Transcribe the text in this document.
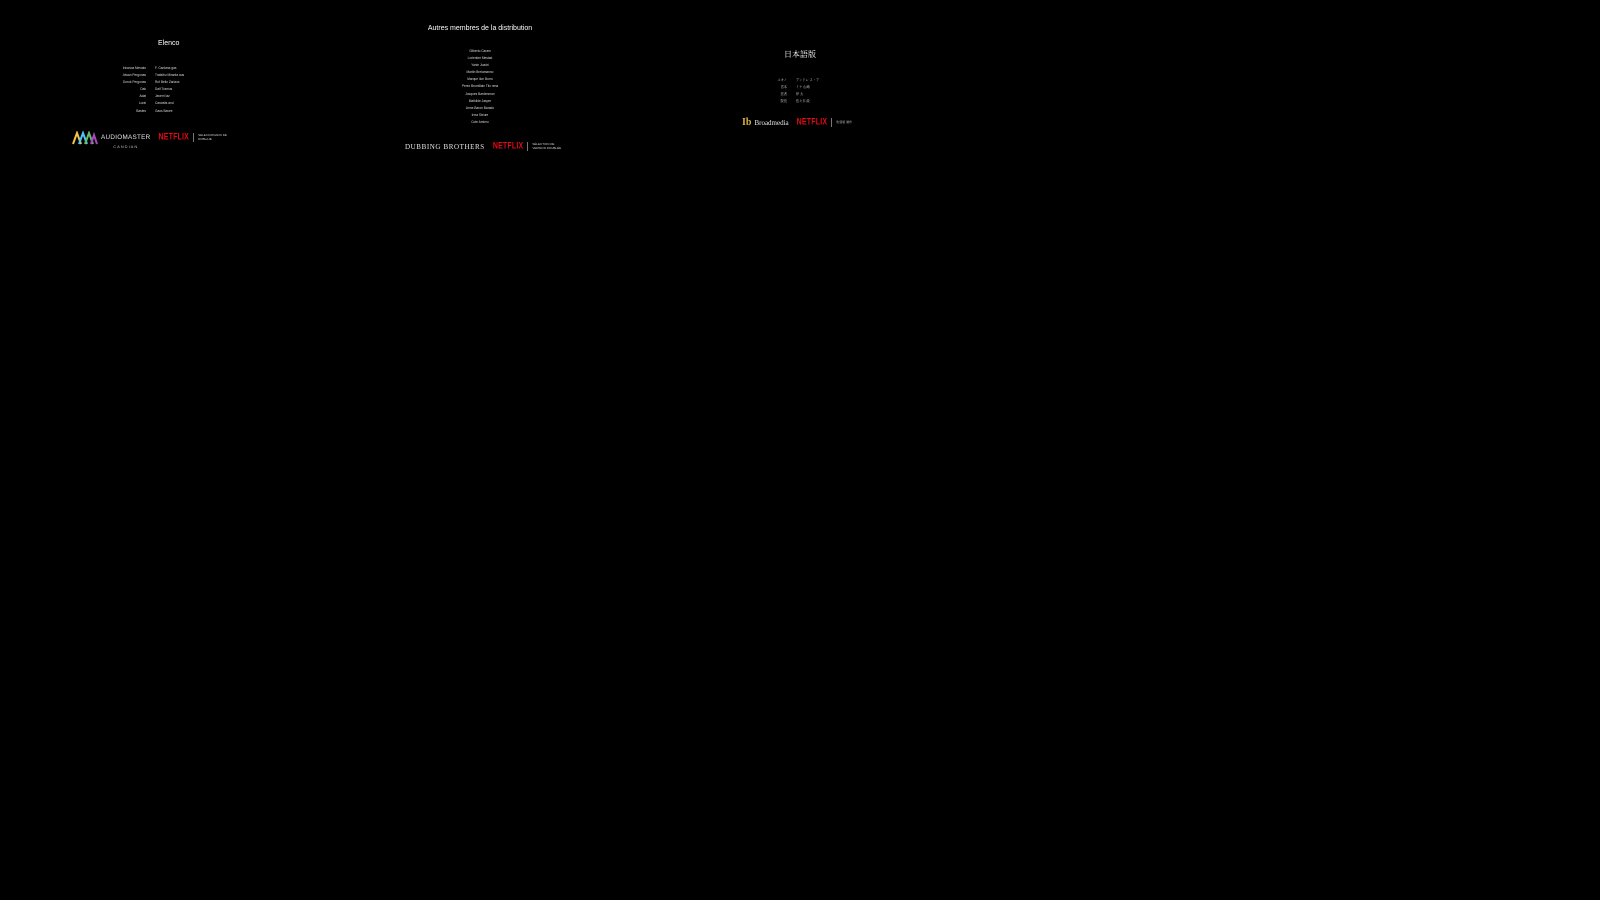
Elenco
Iricanoa Mevaks	F. Cantana gas
Alwan Pergonas	Trafalbu Miranta aus
Dorok Pergonas	Ruf Bello Zariaos
Dak	Dalf Tramus
Adat	Javerri Iaz
Loral	Carwaits and
Bastes	Gaus Bavee
AUDIOMASTER
CANDIAN
NETFLIX	SELECCIONADO DE DOBLAJE
Autres membres de la distribution
Gilberto Caram
Lorientee Mestad
Yanin Juadri
Martin Breiamanno
Marque Ilon Burru
Perez Brumillain Tilo rena
Jacques Bardenman
Mathilde Jasper
Anne-Baron Barado
Irma Steure
Cote Amirno
DUBBING BROTHERS NETFLIX	SÉLECTION DE VERSION DOUBLÉE
日本語版
ユキノ	アンドレ ス・ア
宮本	ミナ 山崎
医者	伊 太
院長	佐々木 政
Ib Broadmedia NETFLIX	吹替版 制作
